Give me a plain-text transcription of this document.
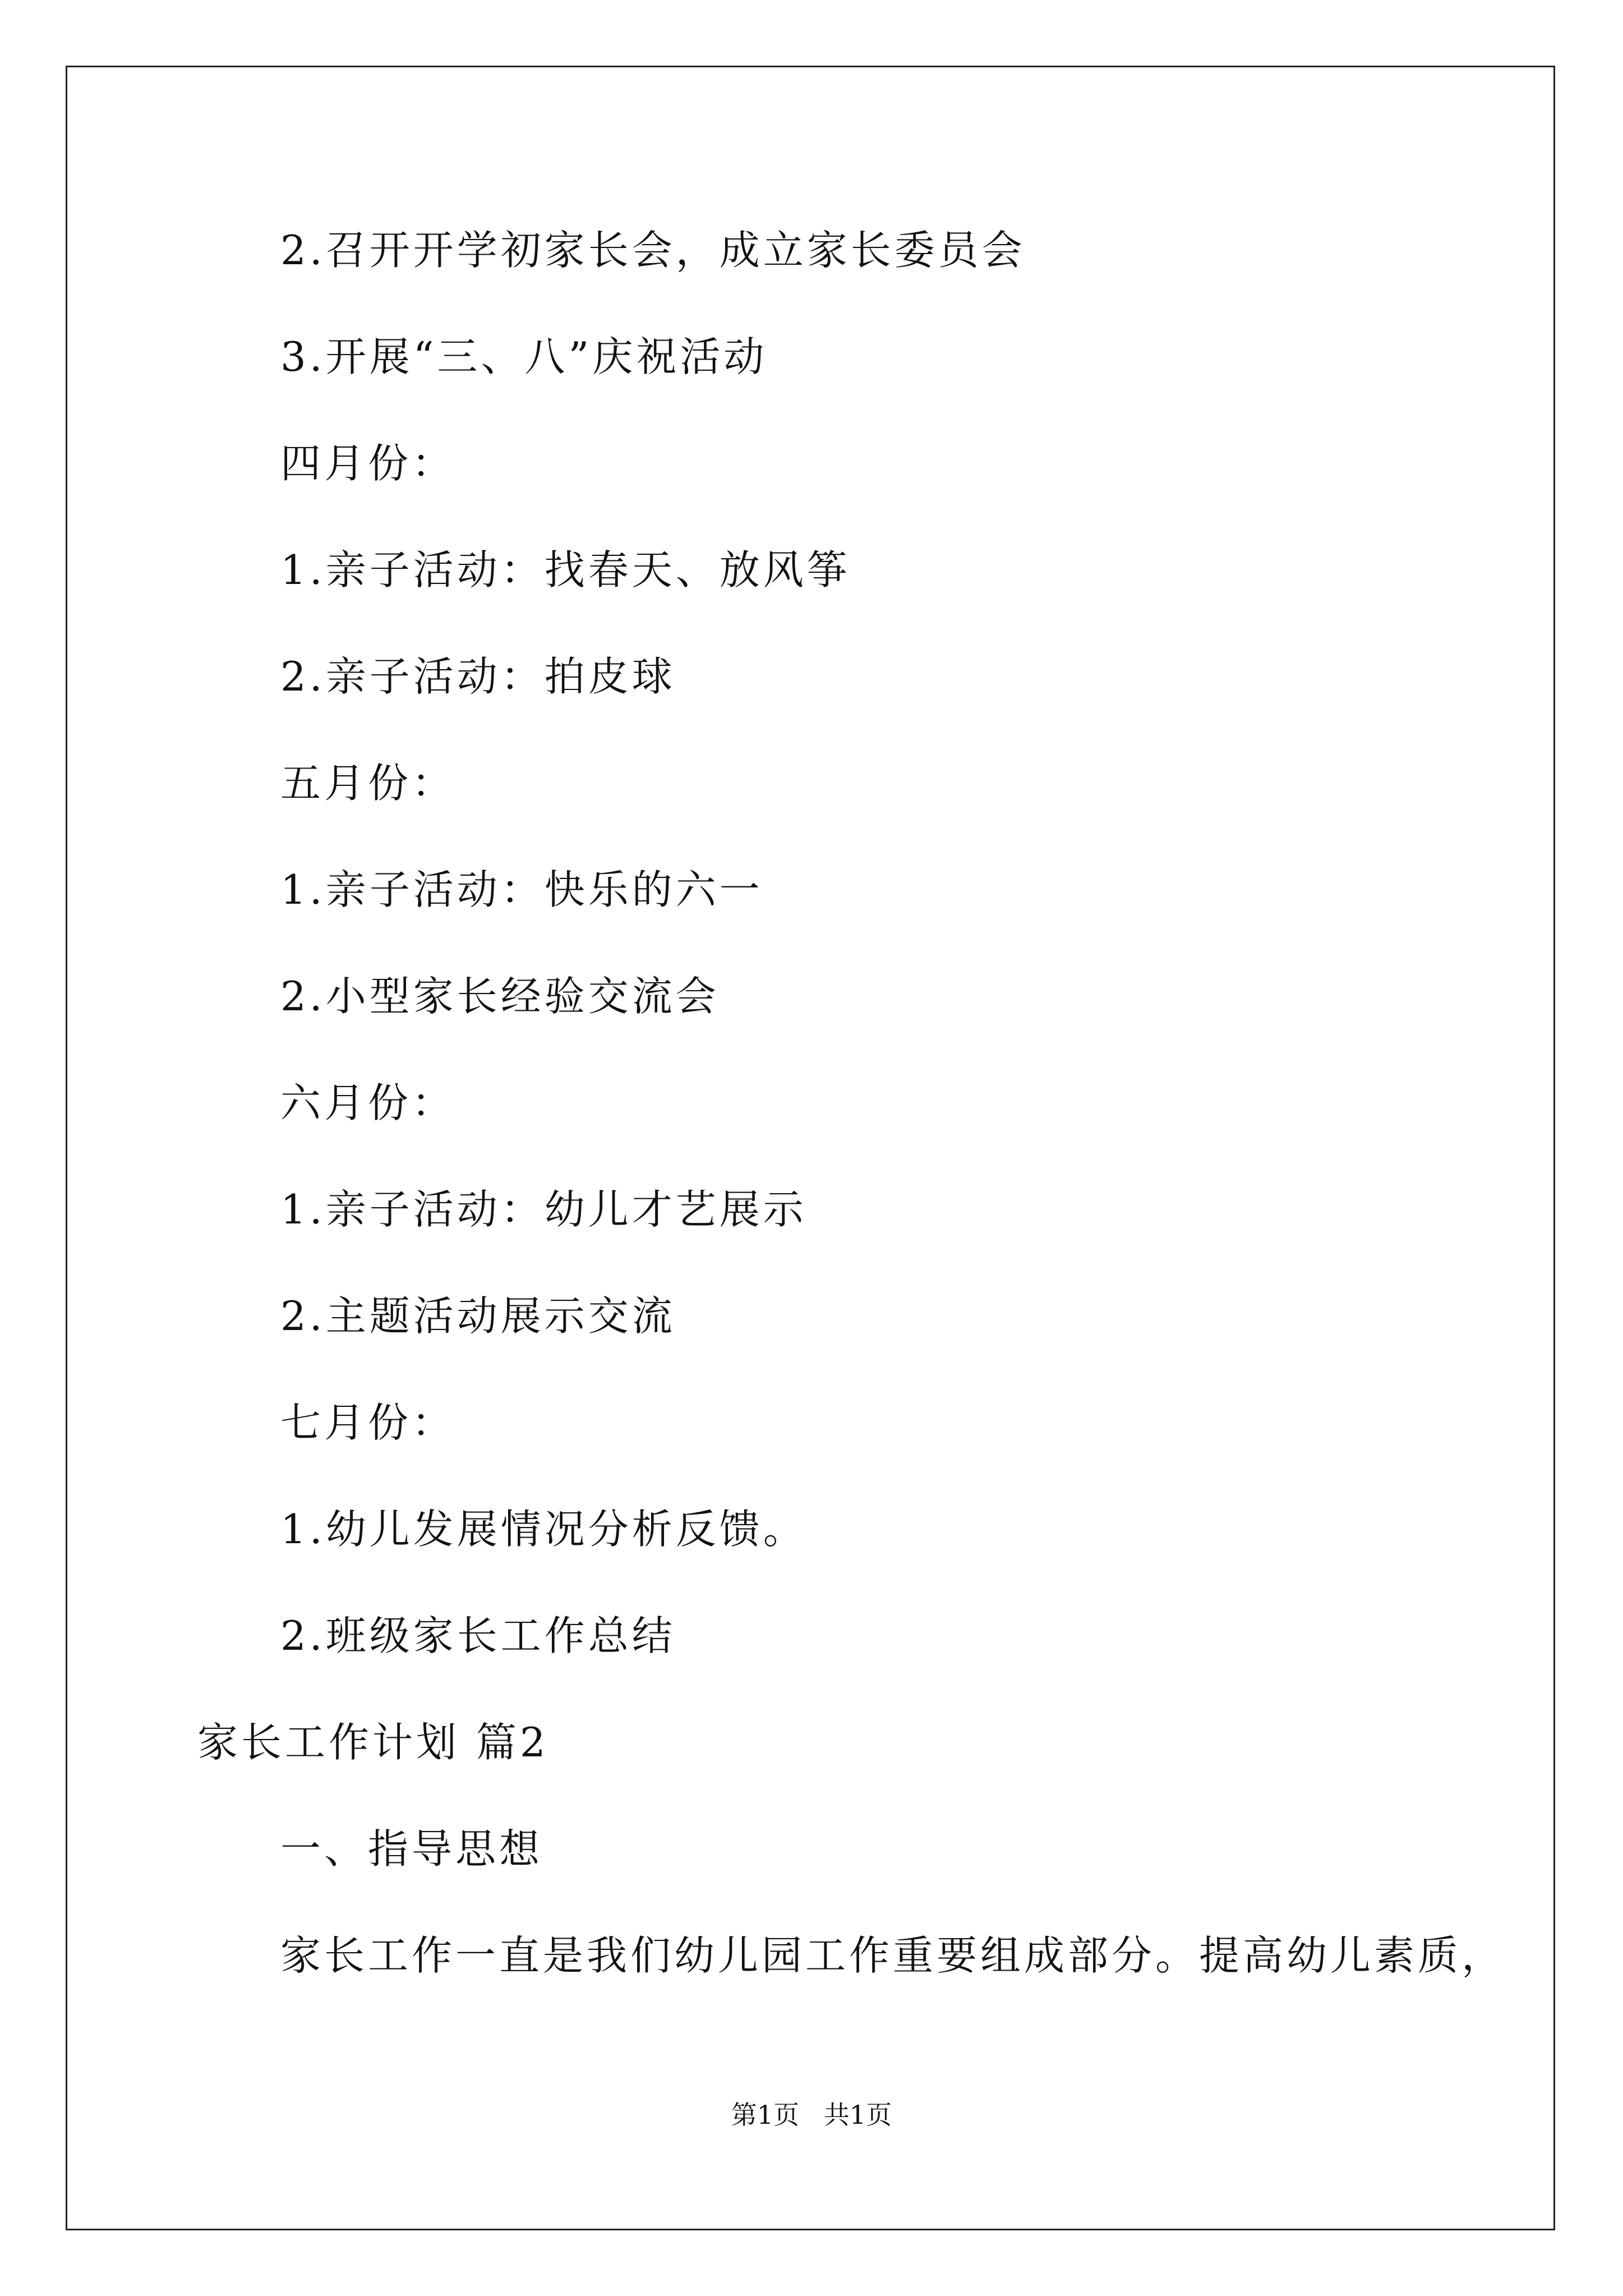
2.召开开学初家长会，成立家长委员会
3.开展“三、八”庆祝活动
四月份：
1.亲子活动：找春天、放风筝
2.亲子活动：拍皮球
五月份：
1.亲子活动：快乐的六一
2.小型家长经验交流会
六月份：
1.亲子活动：幼儿才艺展示
2.主题活动展示交流
七月份：
1.幼儿发展情况分析反馈。
2.班级家长工作总结
家长工作计划 篇2
一、指导思想
家长工作一直是我们幼儿园工作重要组成部分。提高幼儿素质，
第1页   共1页
